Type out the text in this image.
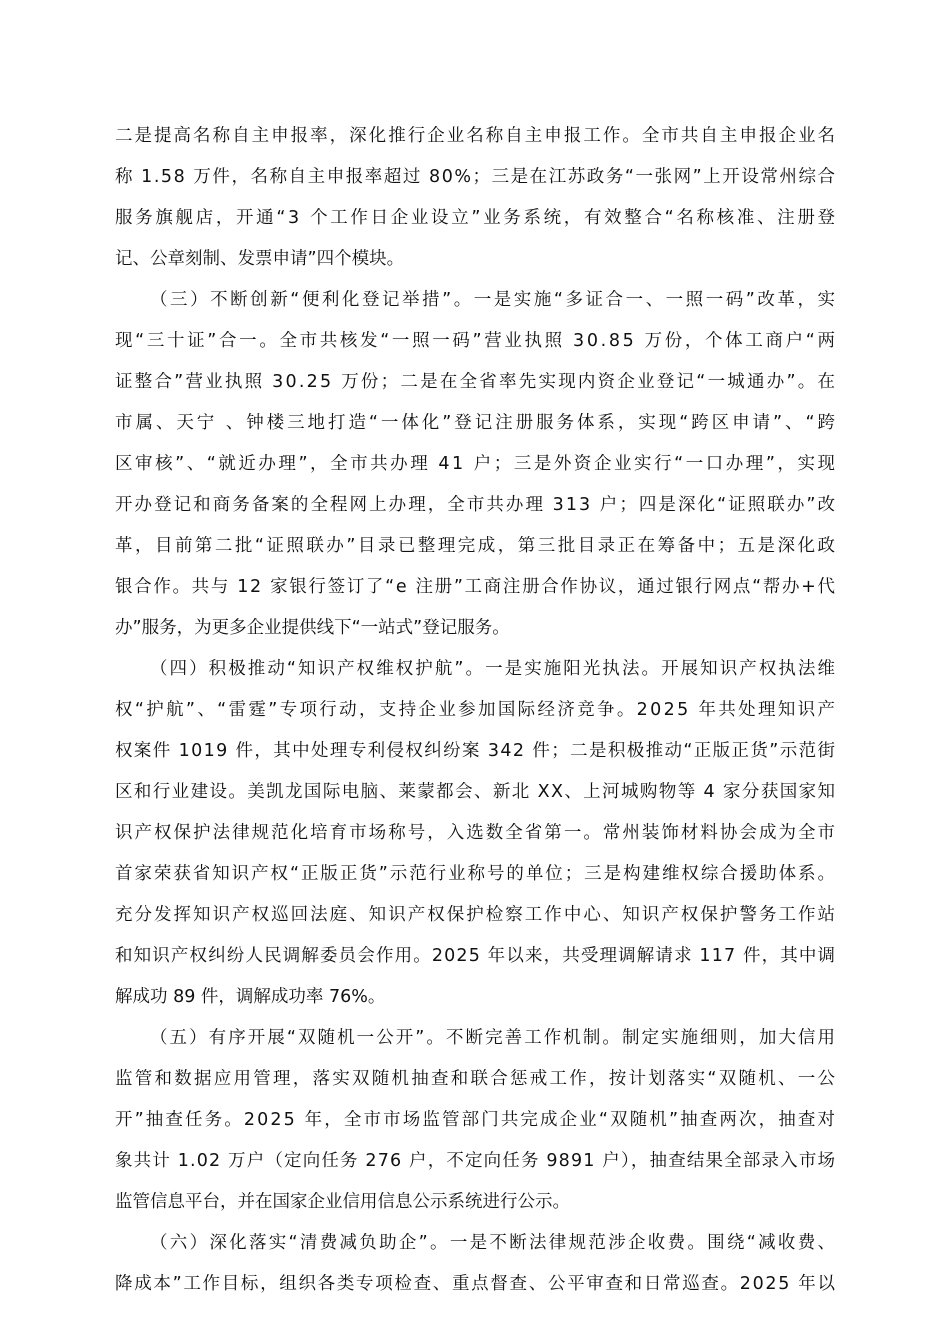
二是提高名称自主申报率，深化推行企业名称自主申报工作。全市共自主申报企业名
称 1.58 万件，名称自主申报率超过 80%；三是在江苏政务“一张网”上开设常州综合
服务旗舰店，开通“3 个工作日企业设立”业务系统，有效整合“名称核准、注册登
记、公章刻制、发票申请”四个模块。
（三）不断创新“便利化登记举措”。一是实施“多证合一、一照一码”改革，实
现“三十证”合一。全市共核发“一照一码”营业执照 30.85 万份，个体工商户“两
证整合”营业执照 30.25 万份；二是在全省率先实现内资企业登记“一城通办”。在
市属、天宁 、钟楼三地打造“一体化”登记注册服务体系，实现“跨区申请”、“跨
区审核”、“就近办理”，全市共办理 41 户；三是外资企业实行“一口办理”，实现
开办登记和商务备案的全程网上办理，全市共办理 313 户；四是深化“证照联办”改
革，目前第二批“证照联办”目录已整理完成，第三批目录正在筹备中；五是深化政
银合作。共与 12 家银行签订了“e 注册”工商注册合作协议，通过银行网点“帮办+代
办”服务，为更多企业提供线下“一站式”登记服务。
（四）积极推动“知识产权维权护航”。一是实施阳光执法。开展知识产权执法维
权“护航”、“雷霆”专项行动，支持企业参加国际经济竞争。2025 年共处理知识产
权案件 1019 件，其中处理专利侵权纠纷案 342 件；二是积极推动“正版正货”示范街
区和行业建设。美凯龙国际电脑、莱蒙都会、新北 XX、上河城购物等 4 家分获国家知
识产权保护法律规范化培育市场称号，入选数全省第一。常州装饰材料协会成为全市
首家荣获省知识产权“正版正货”示范行业称号的单位；三是构建维权综合援助体系。
充分发挥知识产权巡回法庭、知识产权保护检察工作中心、知识产权保护警务工作站
和知识产权纠纷人民调解委员会作用。2025 年以来，共受理调解请求 117 件，其中调
解成功 89 件，调解成功率 76%。
（五）有序开展“双随机一公开”。不断完善工作机制。制定实施细则，加大信用
监管和数据应用管理，落实双随机抽查和联合惩戒工作，按计划落实“双随机、一公
开”抽查任务。2025 年，全市市场监管部门共完成企业“双随机”抽查两次，抽查对
象共计 1.02 万户（定向任务 276 户，不定向任务 9891 户），抽查结果全部录入市场
监管信息平台，并在国家企业信用信息公示系统进行公示。
（六）深化落实“清费减负助企”。一是不断法律规范涉企收费。围绕“减收费、
降成本”工作目标，组织各类专项检查、重点督查、公平审查和日常巡查。2025 年以
